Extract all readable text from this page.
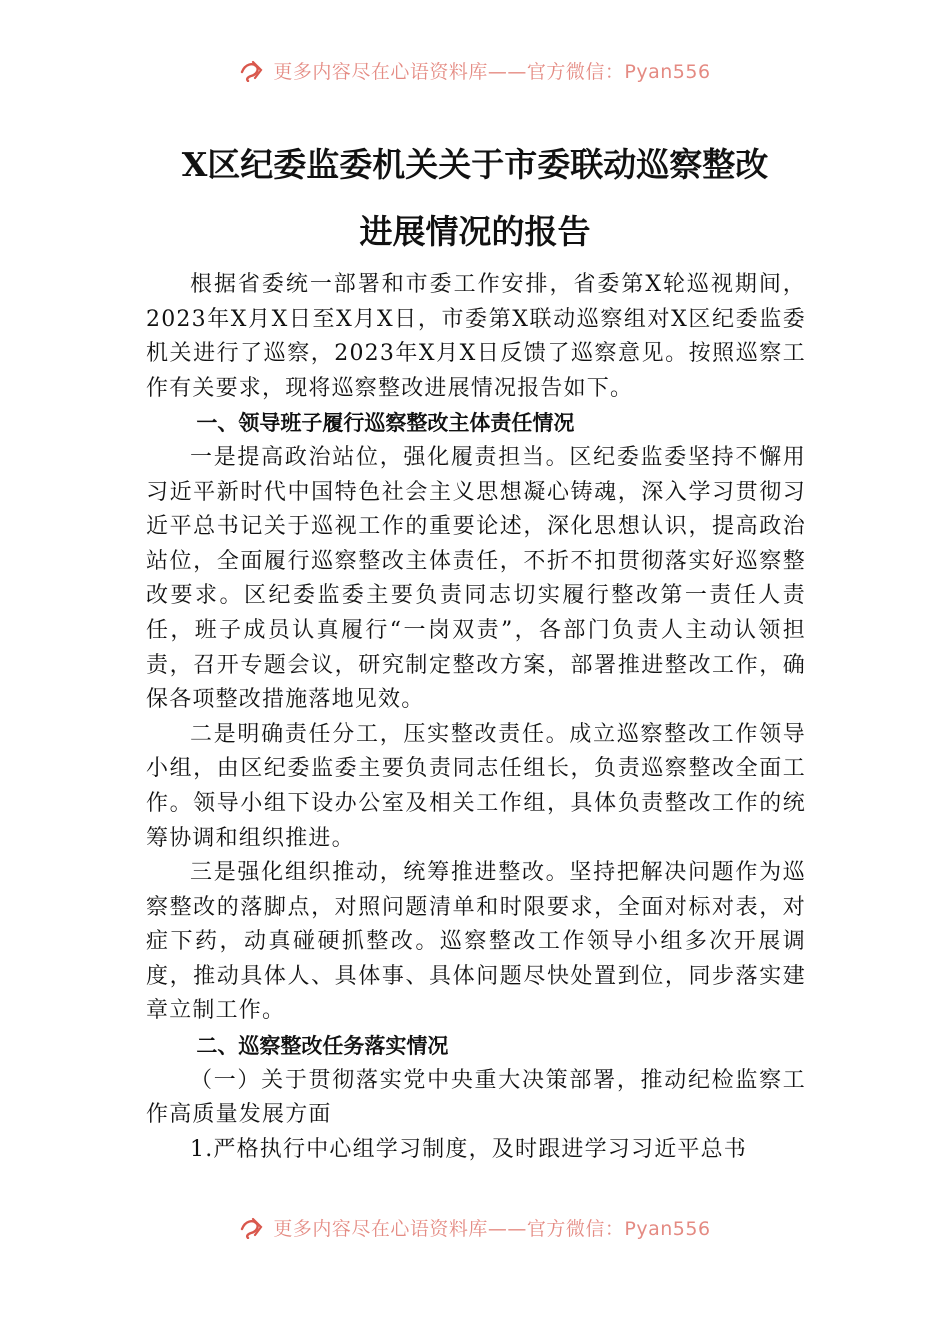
更多内容尽在心语资料库——官方微信：Pyan556
X区纪委监委机关关于市委联动巡察整改
进展情况的报告

根据省委统一部署和市委工作安排，省委第X轮巡视期间，2023年X月X日至X月X日，市委第X联动巡察组对X区纪委监委机关进行了巡察，2023年X月X日反馈了巡察意见。按照巡察工作有关要求，现将巡察整改进展情况报告如下。

一、领导班子履行巡察整改主体责任情况

一是提高政治站位，强化履责担当。区纪委监委坚持不懈用习近平新时代中国特色社会主义思想凝心铸魂，深入学习贯彻习近平总书记关于巡视工作的重要论述，深化思想认识，提高政治站位，全面履行巡察整改主体责任，不折不扣贯彻落实好巡察整改要求。区纪委监委主要负责同志切实履行整改第一责任人责任，班子成员认真履行“一岗双责”，各部门负责人主动认领担责，召开专题会议，研究制定整改方案，部署推进整改工作，确保各项整改措施落地见效。

二是明确责任分工，压实整改责任。成立巡察整改工作领导小组，由区纪委监委主要负责同志任组长，负责巡察整改全面工作。领导小组下设办公室及相关工作组，具体负责整改工作的统筹协调和组织推进。

三是强化组织推动，统筹推进整改。坚持把解决问题作为巡察整改的落脚点，对照问题清单和时限要求，全面对标对表，对症下药，动真碰硬抓整改。巡察整改工作领导小组多次开展调度，推动具体人、具体事、具体问题尽快处置到位，同步落实建章立制工作。

二、巡察整改任务落实情况

（一）关于贯彻落实党中央重大决策部署，推动纪检监察工作高质量发展方面

1.严格执行中心组学习制度，及时跟进学习习近平总书

更多内容尽在心语资料库——官方微信：Pyan556
